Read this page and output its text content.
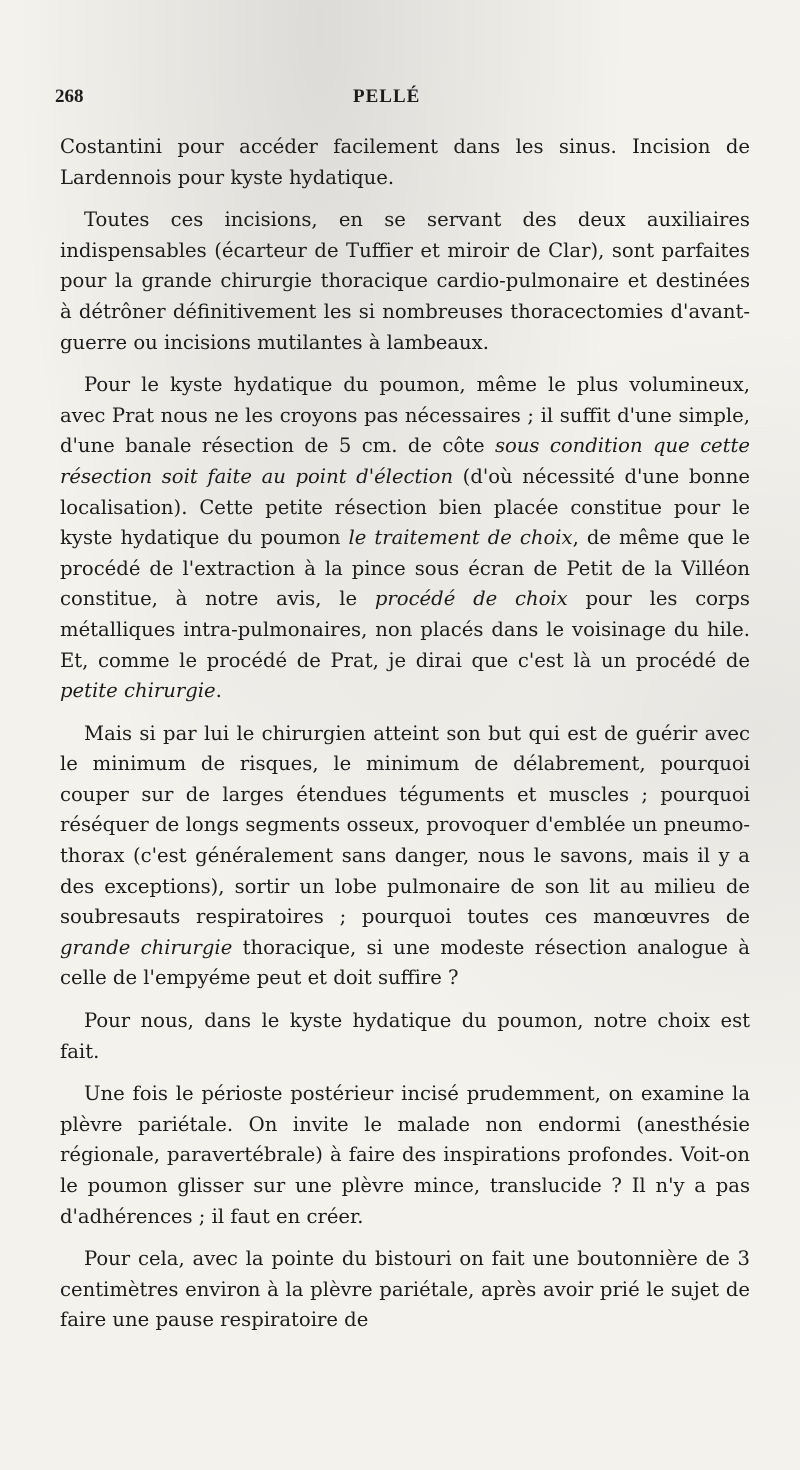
268	PELLÉ

Costantini pour accéder facilement dans les sinus. Incision de Lardennois pour kyste hydatique.

Toutes ces incisions, en se servant des deux auxiliaires indispensables (écarteur de Tuffier et miroir de Clar), sont parfaites pour la grande chirurgie thoracique cardio-pulmonaire et destinées à détrôner définitivement les si nombreuses thoracectomies d'avant-guerre ou incisions mutilantes à lambeaux.

Pour le kyste hydatique du poumon, même le plus volumineux, avec Prat nous ne les croyons pas nécessaires ; il suffit d'une simple, d'une banale résection de 5 cm. de côte sous condition que cette résection soit faite au point d'élection (d'où nécessité d'une bonne localisation). Cette petite résection bien placée constitue pour le kyste hydatique du poumon le traitement de choix, de même que le procédé de l'extraction à la pince sous écran de Petit de la Villéon constitue, à notre avis, le procédé de choix pour les corps métalliques intra-pulmonaires, non placés dans le voisinage du hile. Et, comme le procédé de Prat, je dirai que c'est là un procédé de petite chirurgie.

Mais si par lui le chirurgien atteint son but qui est de guérir avec le minimum de risques, le minimum de délabrement, pourquoi couper sur de larges étendues téguments et muscles ; pourquoi réséquer de longs segments osseux, provoquer d'emblée un pneumo-thorax (c'est généralement sans danger, nous le savons, mais il y a des exceptions), sortir un lobe pulmonaire de son lit au milieu de soubresauts respiratoires ; pourquoi toutes ces manœuvres de grande chirurgie thoracique, si une modeste résection analogue à celle de l'empyéme peut et doit suffire ?

Pour nous, dans le kyste hydatique du poumon, notre choix est fait.

Une fois le périoste postérieur incisé prudemment, on examine la plèvre pariétale. On invite le malade non endormi (anesthésie régionale, paravertébrale) à faire des inspirations profondes. Voit-on le poumon glisser sur une plèvre mince, translucide ? Il n'y a pas d'adhérences ; il faut en créer.

Pour cela, avec la pointe du bistouri on fait une boutonnière de 3 centimètres environ à la plèvre pariétale, après avoir prié le sujet de faire une pause respiratoire de
